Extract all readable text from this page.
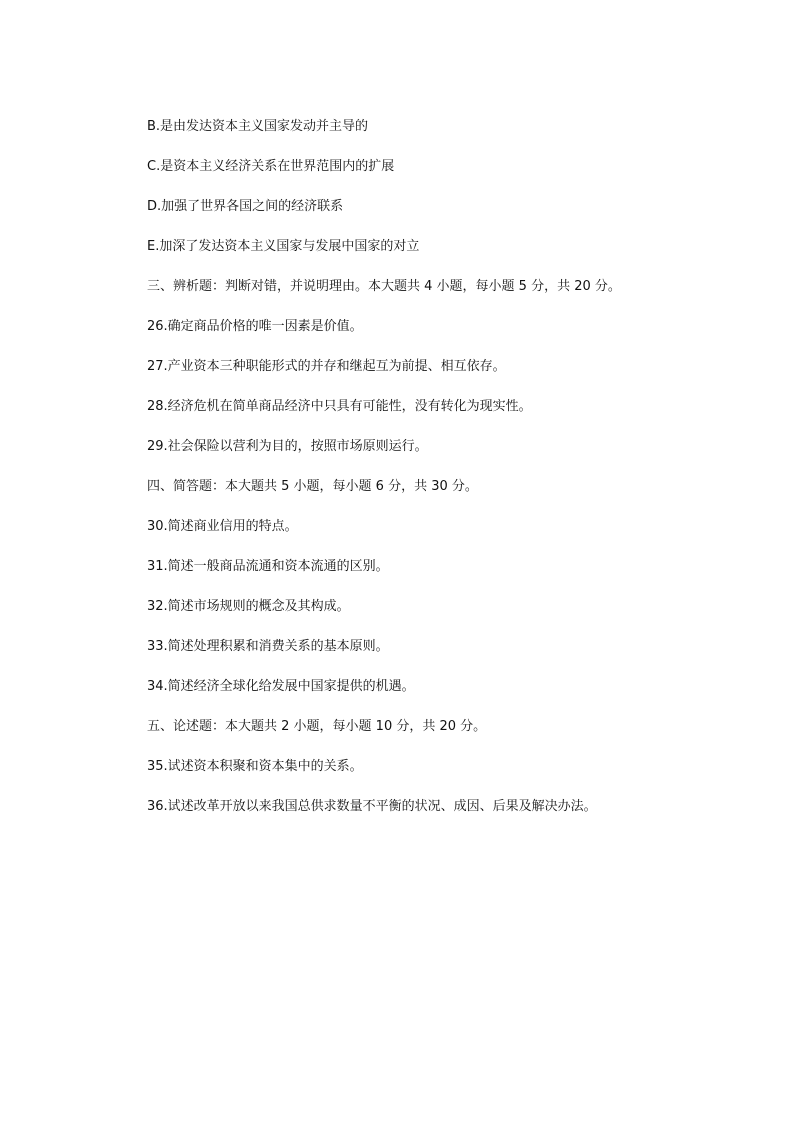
B.是由发达资本主义国家发动并主导的
C.是资本主义经济关系在世界范围内的扩展
D.加强了世界各国之间的经济联系
E.加深了发达资本主义国家与发展中国家的对立
三、辨析题：判断对错，并说明理由。本大题共 4 小题，每小题 5 分，共 20 分。
26.确定商品价格的唯一因素是价值。
27.产业资本三种职能形式的并存和继起互为前提、相互依存。
28.经济危机在简单商品经济中只具有可能性，没有转化为现实性。
29.社会保险以营利为目的，按照市场原则运行。
四、简答题：本大题共 5 小题，每小题 6 分，共 30 分。
30.简述商业信用的特点。
31.简述一般商品流通和资本流通的区别。
32.简述市场规则的概念及其构成。
33.简述处理积累和消费关系的基本原则。
34.简述经济全球化给发展中国家提供的机遇。
五、论述题：本大题共 2 小题，每小题 10 分，共 20 分。
35.试述资本积聚和资本集中的关系。
36.试述改革开放以来我国总供求数量不平衡的状况、成因、后果及解决办法。
